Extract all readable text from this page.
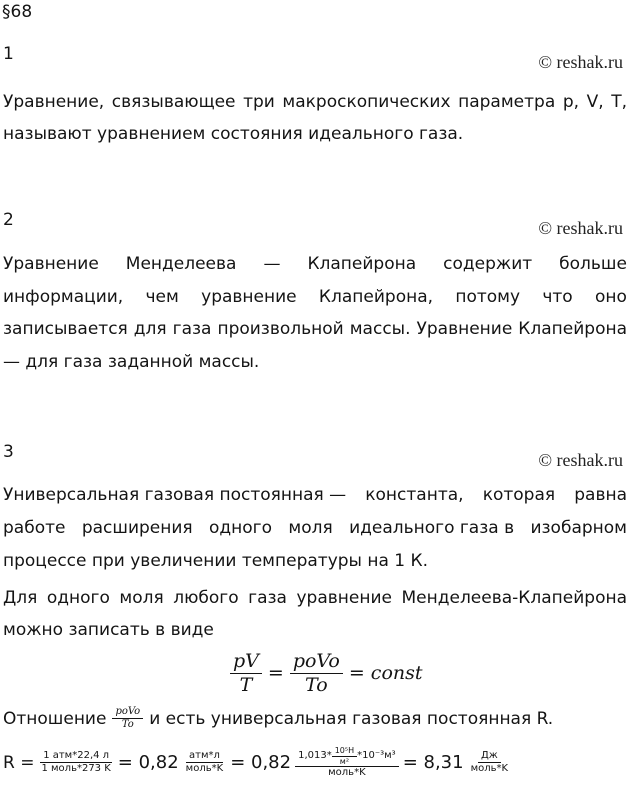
§68
1	© reshak.ru
Уравнение, связывающее три макроскопических параметра p, V, T,
называют уравнением состояния идеального газа.
2	© reshak.ru
Уравнение Менделеева — Клапейрона содержит больше
информации, чем уравнение Клапейрона, потому что оно
записывается для газа произвольной массы. Уравнение Клапейрона
— для газа заданной массы.
3	© reshak.ru
Универсальная газовая постоянная — константа, которая равна
работе расширения одного моля идеального газа в изобарном
процессе при увеличении температуры на 1 К.
Для одного моля любого газа уравнение Менделеева-Клапейрона
можно записать в виде
$\frac{pV}{T} = \frac{\text{poVo}}{To}$ = const
Отношение $\frac{\text{poVo}}{To}$ и есть универсальная газовая постоянная R.
$R = \frac{\text{1 атм*22,4 л}}{\text{1 моль*273 K}} = 0,82 \frac{\text{атм*л}}{\text{моль*K}} = 0,82$ $1,013* \frac{\text{10⁵H}}{\text{м²}} *10^{-3}м^3$
моль*K = $8,31 \frac{Дж}{\text{моль*K}}$
